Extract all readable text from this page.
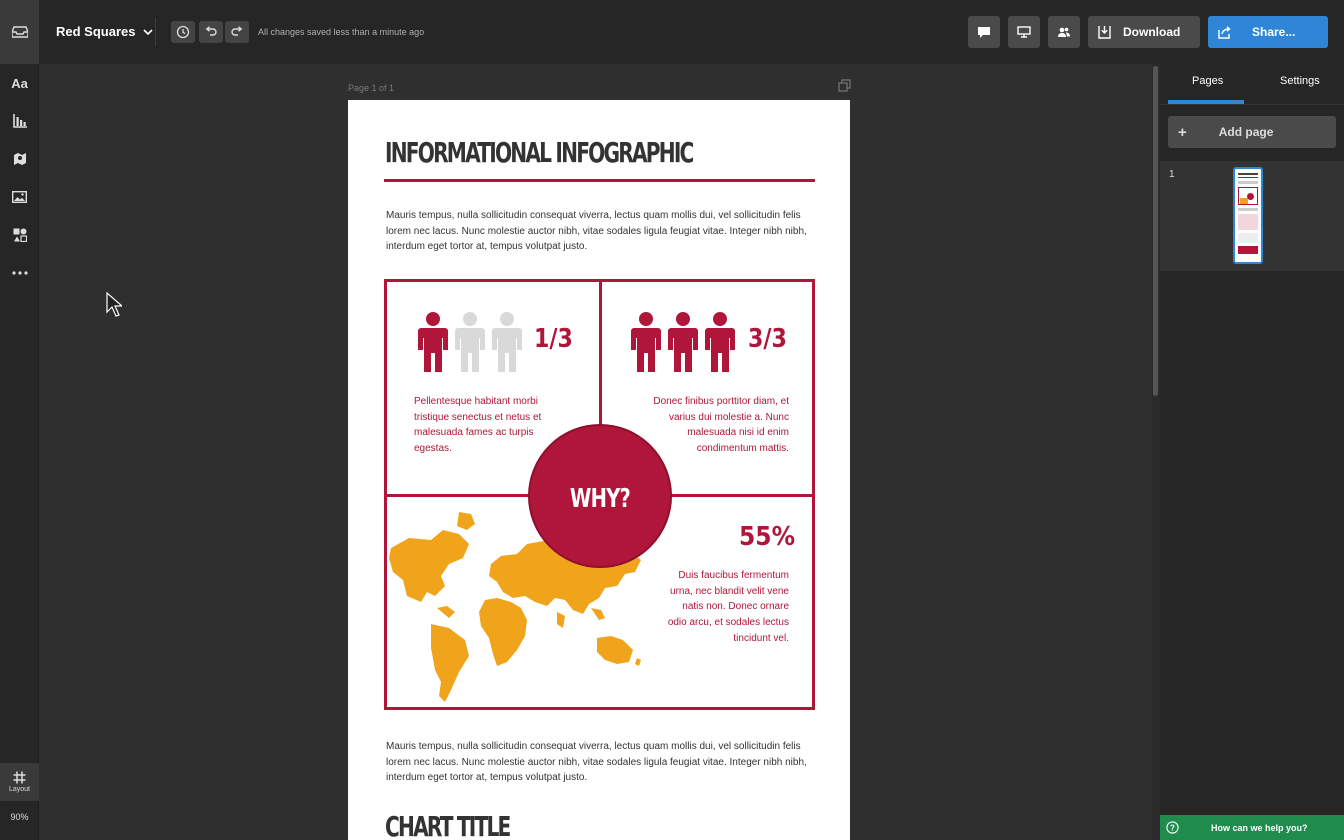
Red Squares	All changes saved less than a minute ago	Download	Share...
Aa
Layout
90%
Page 1 of 1
INFORMATIONAL INFOGRAPHIC
Mauris tempus, nulla sollicitudin consequat viverra, lectus quam mollis dui, vel sollicitudin felis lorem nec lacus. Nunc molestie auctor nibh, vitae sodales ligula feugiat vitae. Integer nibh nibh, interdum eget tortor at, tempus volutpat justo.
1/3
Pellentesque habitant morbi tristique senectus et netus et malesuada fames ac turpis egestas.
3/3
Donec finibus porttitor diam, et varius dui molestie a. Nunc malesuada nisi id enim condimentum mattis.
WHY?
55%
Duis faucibus fermentum urna, nec blandit velit vene natis non. Donec ornare odio arcu, et sodales lectus tincidunt vel.
Mauris tempus, nulla sollicitudin consequat viverra, lectus quam mollis dui, vel sollicitudin felis lorem nec lacus. Nunc molestie auctor nibh, vitae sodales ligula feugiat vitae. Integer nibh nibh, interdum eget tortor at, tempus volutpat justo.
CHART TITLE
Pages	Settings
+	Add page
1
?	How can we help you?
